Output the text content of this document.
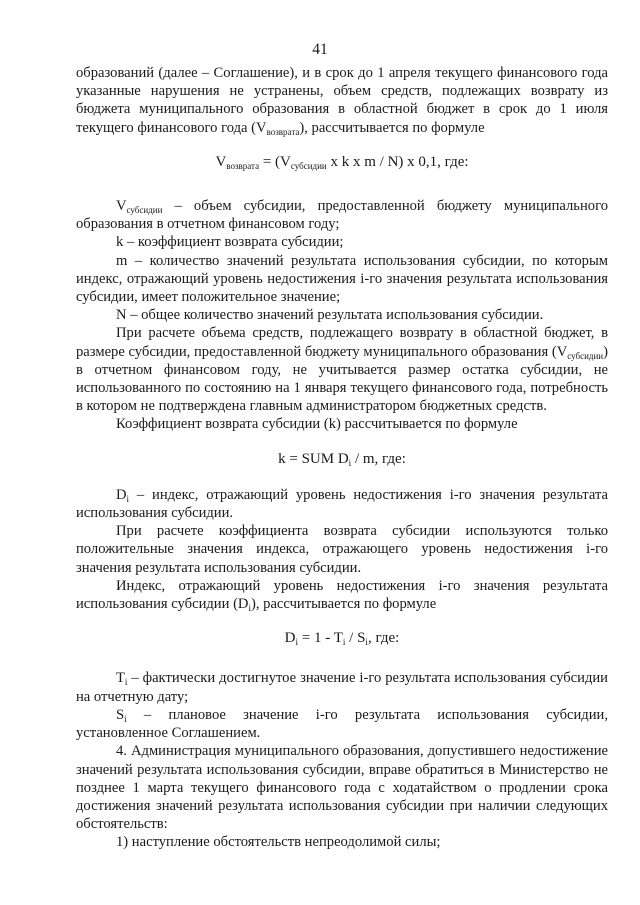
41

образований (далее – Соглашение), и в срок до 1 апреля текущего финансового года указанные нарушения не устранены, объем средств, подлежащих возврату из бюджета муниципального образования в областной бюджет в срок до 1 июля текущего финансового года $(V_{возврата})$, рассчитывается по формуле

$V_{возврата} = (V_{субсидии}$ x k x m / N) x 0,1, где:

$V_{субсидии}$ – объем субсидии, предоставленной бюджету муниципального образования в отчетном финансовом году;

k – коэффициент возврата субсидии;

m – количество значений результата использования субсидии, по которым индекс, отражающий уровень недостижения i-го значения результата использования субсидии, имеет положительное значение;

N – общее количество значений результата использования субсидии.

При расчете объема средств, подлежащего возврату в областной бюджет, в размере субсидии, предоставленной бюджету муниципального образования $(V_{субсидии})$ в отчетном финансовом году, не учитывается размер остатка субсидии, не использованного по состоянию на 1 января текущего финансового года, потребность в котором не подтверждена главным администратором бюджетных средств.

Коэффициент возврата субсидии (k) рассчитывается по формуле

k = SUM $D_i$ / m, где:

$D_i$ – индекс, отражающий уровень недостижения i-го значения результата использования субсидии.

При расчете коэффициента возврата субсидии используются только положительные значения индекса, отражающего уровень недостижения i-го значения результата использования субсидии.

Индекс, отражающий уровень недостижения i-го значения результата использования субсидии $(D_i)$, рассчитывается по формуле

$D_i = 1 - T_i / S_i$, где:

$T_i$ – фактически достигнутое значение i-го результата использования субсидии на отчетную дату;

$S_i$ – плановое значение i-го результата использования субсидии, установленное Соглашением.

4. Администрация муниципального образования, допустившего недостижение значений результата использования субсидии, вправе обратиться в Министерство не позднее 1 марта текущего финансового года с ходатайством о продлении срока достижения значений результата использования субсидии при наличии следующих обстоятельств:

1) наступление обстоятельств непреодолимой силы;
